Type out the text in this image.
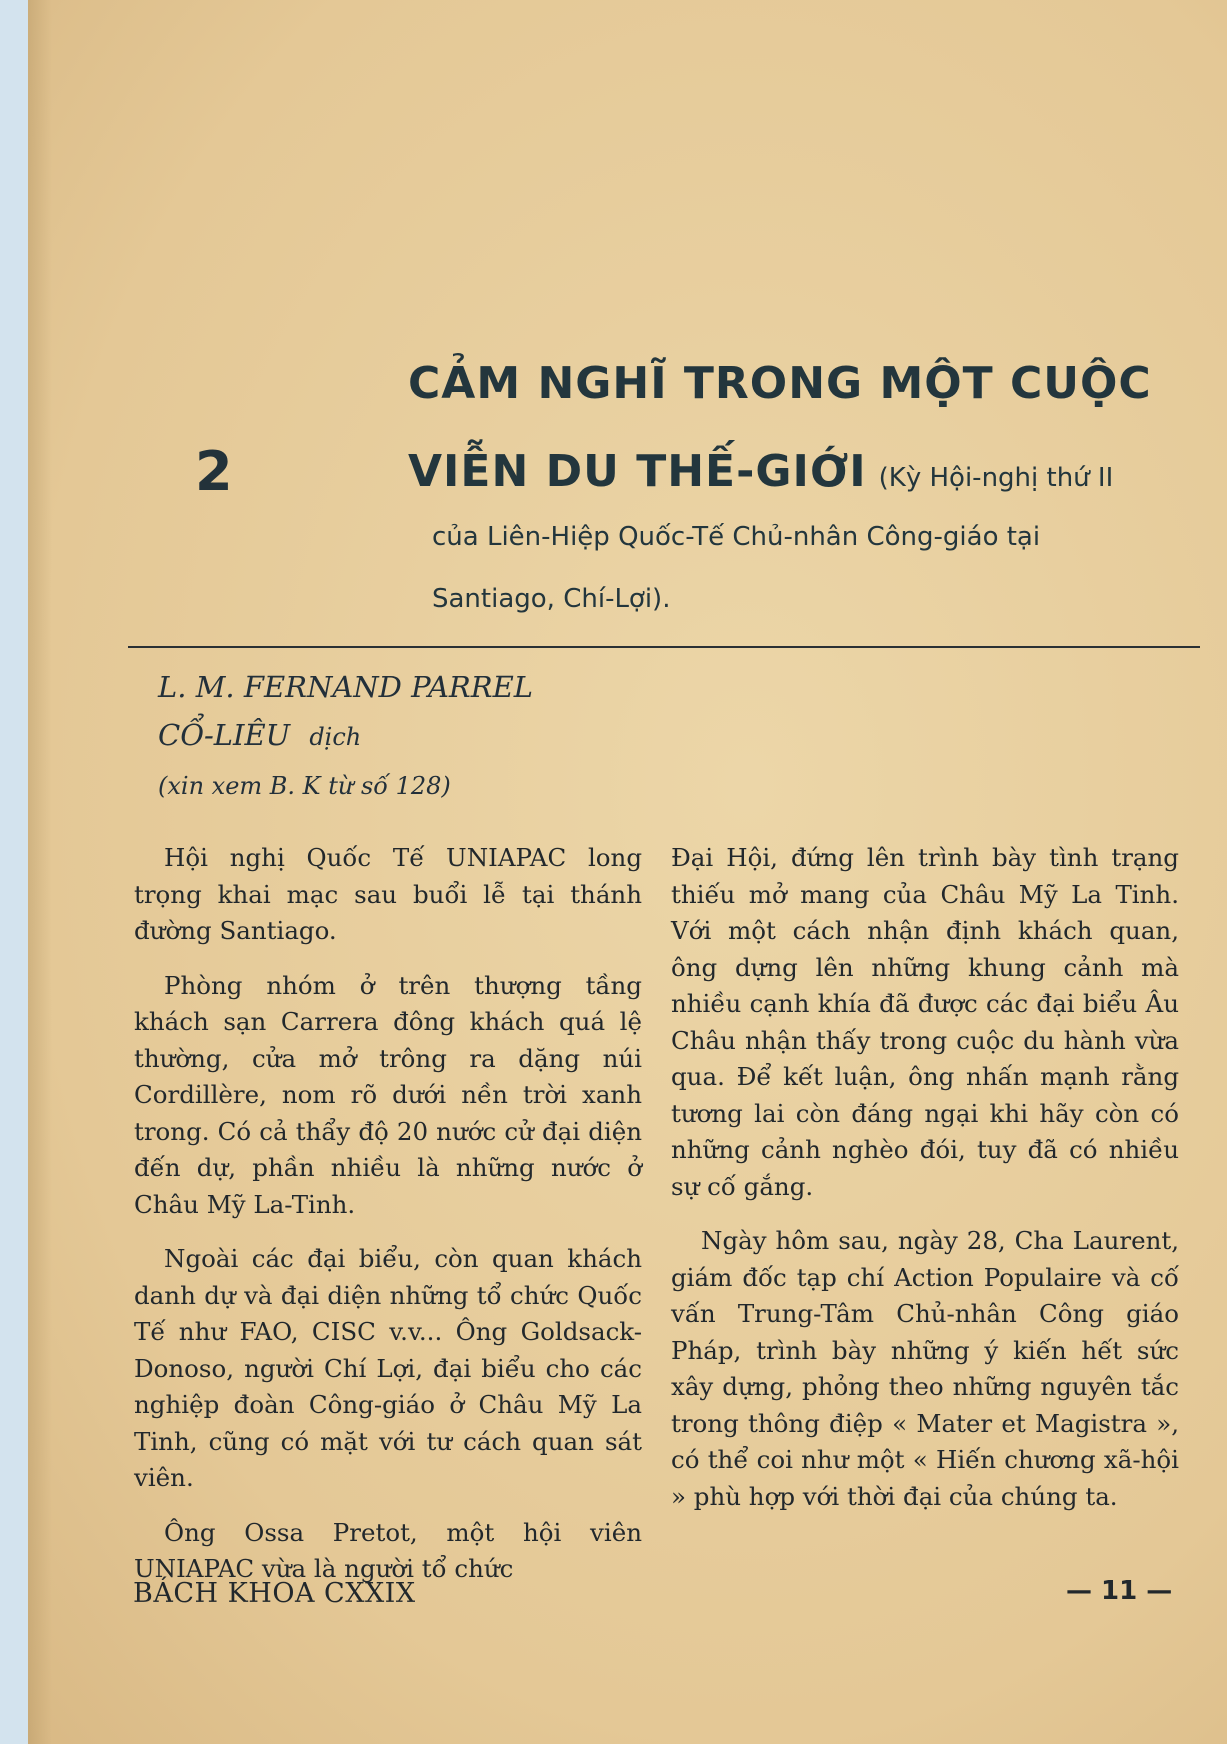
2
CẢM NGHĨ TRONG MỘT CUỘC
VIỄN DU THẾ-GIỚI (Kỳ Hội-nghị thứ II
của Liên-Hiệp Quốc-Tế Chủ-nhân Công-giáo tại
Santiago, Chí-Lợi).
L. M. FERNAND PARREL
CỔ-LIÊU dịch
(xin xem B. K từ số 128)

Hội nghị Quốc Tế UNIAPAC long trọng khai mạc sau buổi lễ tại thánh đường Santiago.

Phòng nhóm ở trên thượng tầng khách sạn Carrera đông khách quá lệ thường, cửa mở trông ra dặng núi Cordillère, nom rõ dưới nền trời xanh trong. Có cả thẩy độ 20 nước cử đại diện đến dự, phần nhiều là những nước ở Châu Mỹ La-Tinh.

Ngoài các đại biểu, còn quan khách danh dự và đại diện những tổ chức Quốc Tế như FAO, CISC v.v... Ông Goldsack-Donoso, người Chí Lợi, đại biểu cho các nghiệp đoàn Công-giáo ở Châu Mỹ La Tinh, cũng có mặt với tư cách quan sát viên.

Ông Ossa Pretot, một hội viên UNIAPAC vừa là người tổ chức

Đại Hội, đứng lên trình bày tình trạng thiếu mở mang của Châu Mỹ La Tinh. Với một cách nhận định khách quan, ông dựng lên những khung cảnh mà nhiều cạnh khía đã được các đại biểu Âu Châu nhận thấy trong cuộc du hành vừa qua. Để kết luận, ông nhấn mạnh rằng tương lai còn đáng ngại khi hãy còn có những cảnh nghèo đói, tuy đã có nhiều sự cố gắng.

Ngày hôm sau, ngày 28, Cha Laurent, giám đốc tạp chí Action Populaire và cố vấn Trung-Tâm Chủ-nhân Công giáo Pháp, trình bày những ý kiến hết sức xây dựng, phỏng theo những nguyên tắc trong thông điệp « Mater et Magistra », có thể coi như một « Hiến chương xã-hội » phù hợp với thời đại của chúng ta.

BÁCH KHOA CXXIX	— 11 —
